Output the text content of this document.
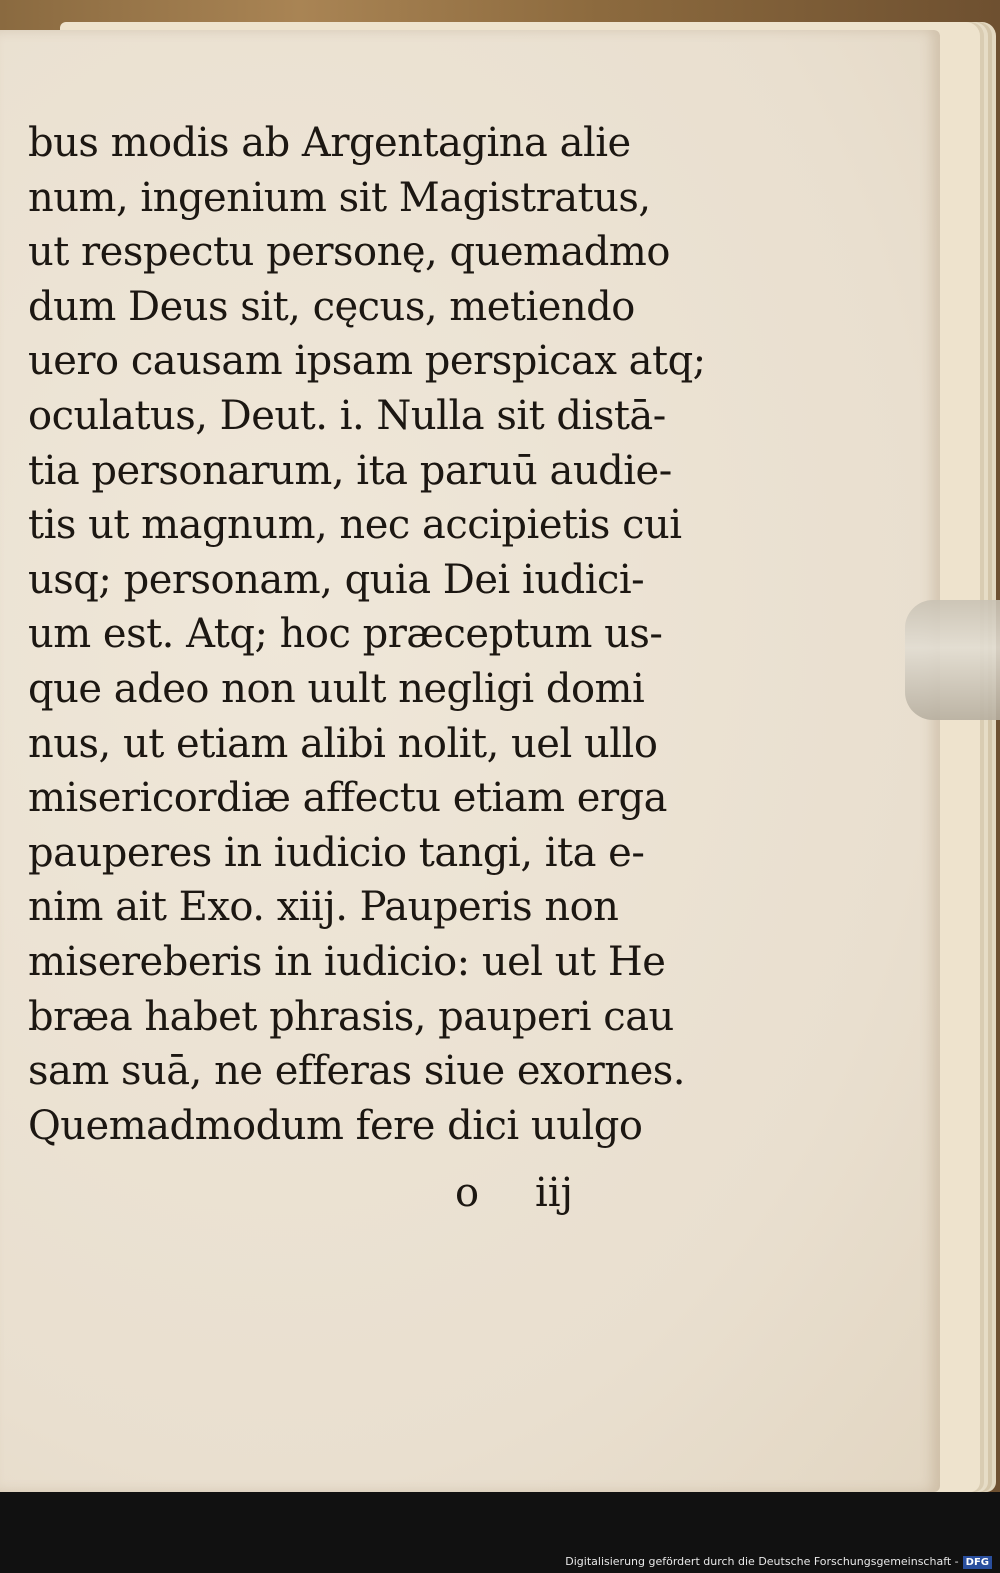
bus modis ab Argentagina alie
num, ingenium sit Magistratus,
ut respectu personę, quemadmo
dum Deus sit, cęcus, metiendo
uero causam ipsam perspicax atq;
oculatus, Deut. i. Nulla sit distā-
tia personarum, ita paruū audie-
tis ut magnum, nec accipietis cui
usq; personam, quia Dei iudici-
um est. Atq; hoc præceptum us-
que adeo non uult negligi domi
nus, ut etiam alibi nolit, uel ullo
misericordiæ affectu etiam erga
pauperes in iudicio tangi, ita e-
nim ait Exo. xiij. Pauperis non
misereberis in iudicio: uel ut He
bræa habet phrasis, pauperi cau
sam suā, ne efferas siue exornes.
Quemadmodum fere dici uulgo
o iij
Digitalisierung gefördert durch die Deutsche Forschungsgemeinschaft - DFG
